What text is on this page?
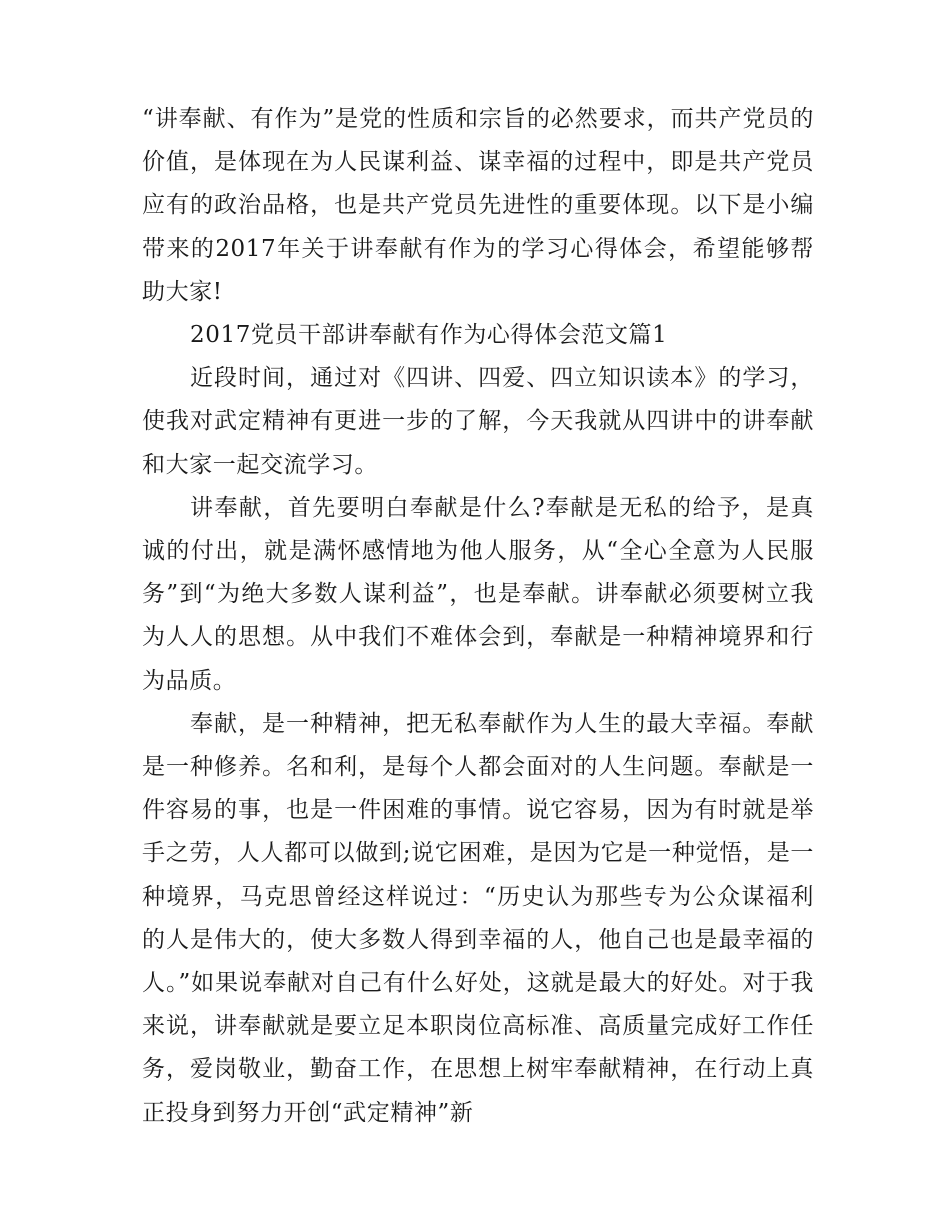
“讲奉献、有作为”是党的性质和宗旨的必然要求，而共产党员的价值，是体现在为人民谋利益、谋幸福的过程中，即是共产党员应有的政治品格，也是共产党员先进性的重要体现。以下是小编带来的2017年关于讲奉献有作为的学习心得体会，希望能够帮助大家!

2017党员干部讲奉献有作为心得体会范文篇1

近段时间，通过对《四讲、四爱、四立知识读本》的学习，使我对武定精神有更进一步的了解，今天我就从四讲中的讲奉献和大家一起交流学习。

讲奉献，首先要明白奉献是什么?奉献是无私的给予，是真诚的付出，就是满怀感情地为他人服务，从“全心全意为人民服务”到“为绝大多数人谋利益”，也是奉献。讲奉献必须要树立我为人人的思想。从中我们不难体会到，奉献是一种精神境界和行为品质。

奉献，是一种精神，把无私奉献作为人生的最大幸福。奉献是一种修养。名和利，是每个人都会面对的人生问题。奉献是一件容易的事，也是一件困难的事情。说它容易，因为有时就是举手之劳，人人都可以做到;说它困难，是因为它是一种觉悟，是一种境界，马克思曾经这样说过：“历史认为那些专为公众谋福利的人是伟大的，使大多数人得到幸福的人，他自己也是最幸福的人。”如果说奉献对自己有什么好处，这就是最大的好处。对于我来说，讲奉献就是要立足本职岗位高标准、高质量完成好工作任务，爱岗敬业，勤奋工作，在思想上树牢奉献精神，在行动上真正投身到努力开创“武定精神”新
